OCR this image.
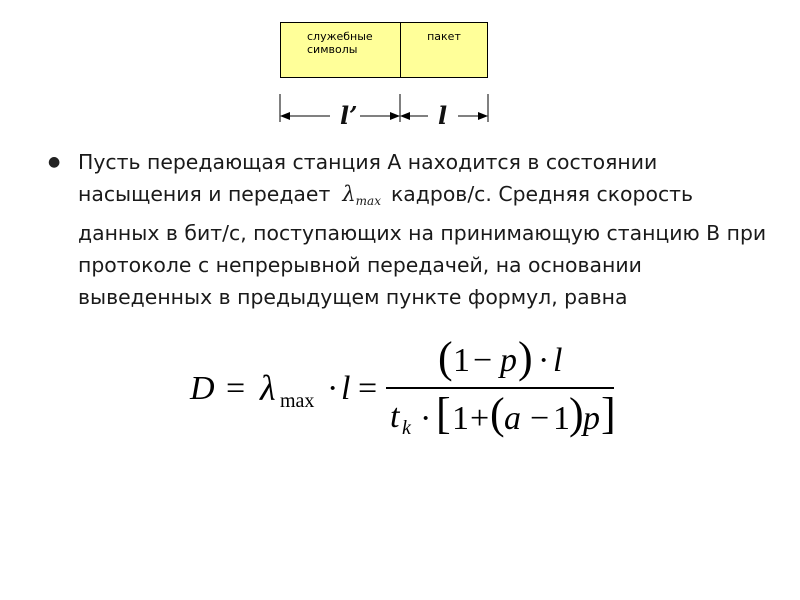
служебные
символы
пакет
l’	l
● Пусть передающая станция А находится в состоянии насыщения и передает $\lambda_{max}$ кадров/с. Средняя скорость данных в бит/с, поступающих на принимающую станцию В при протоколе с непрерывной передачей, на основании выведенных в предыдущем пункте формул, равна
D = λ max · l =
( 1 − p ) · l
t k · [ 1 + ( a − 1 ) p ]
